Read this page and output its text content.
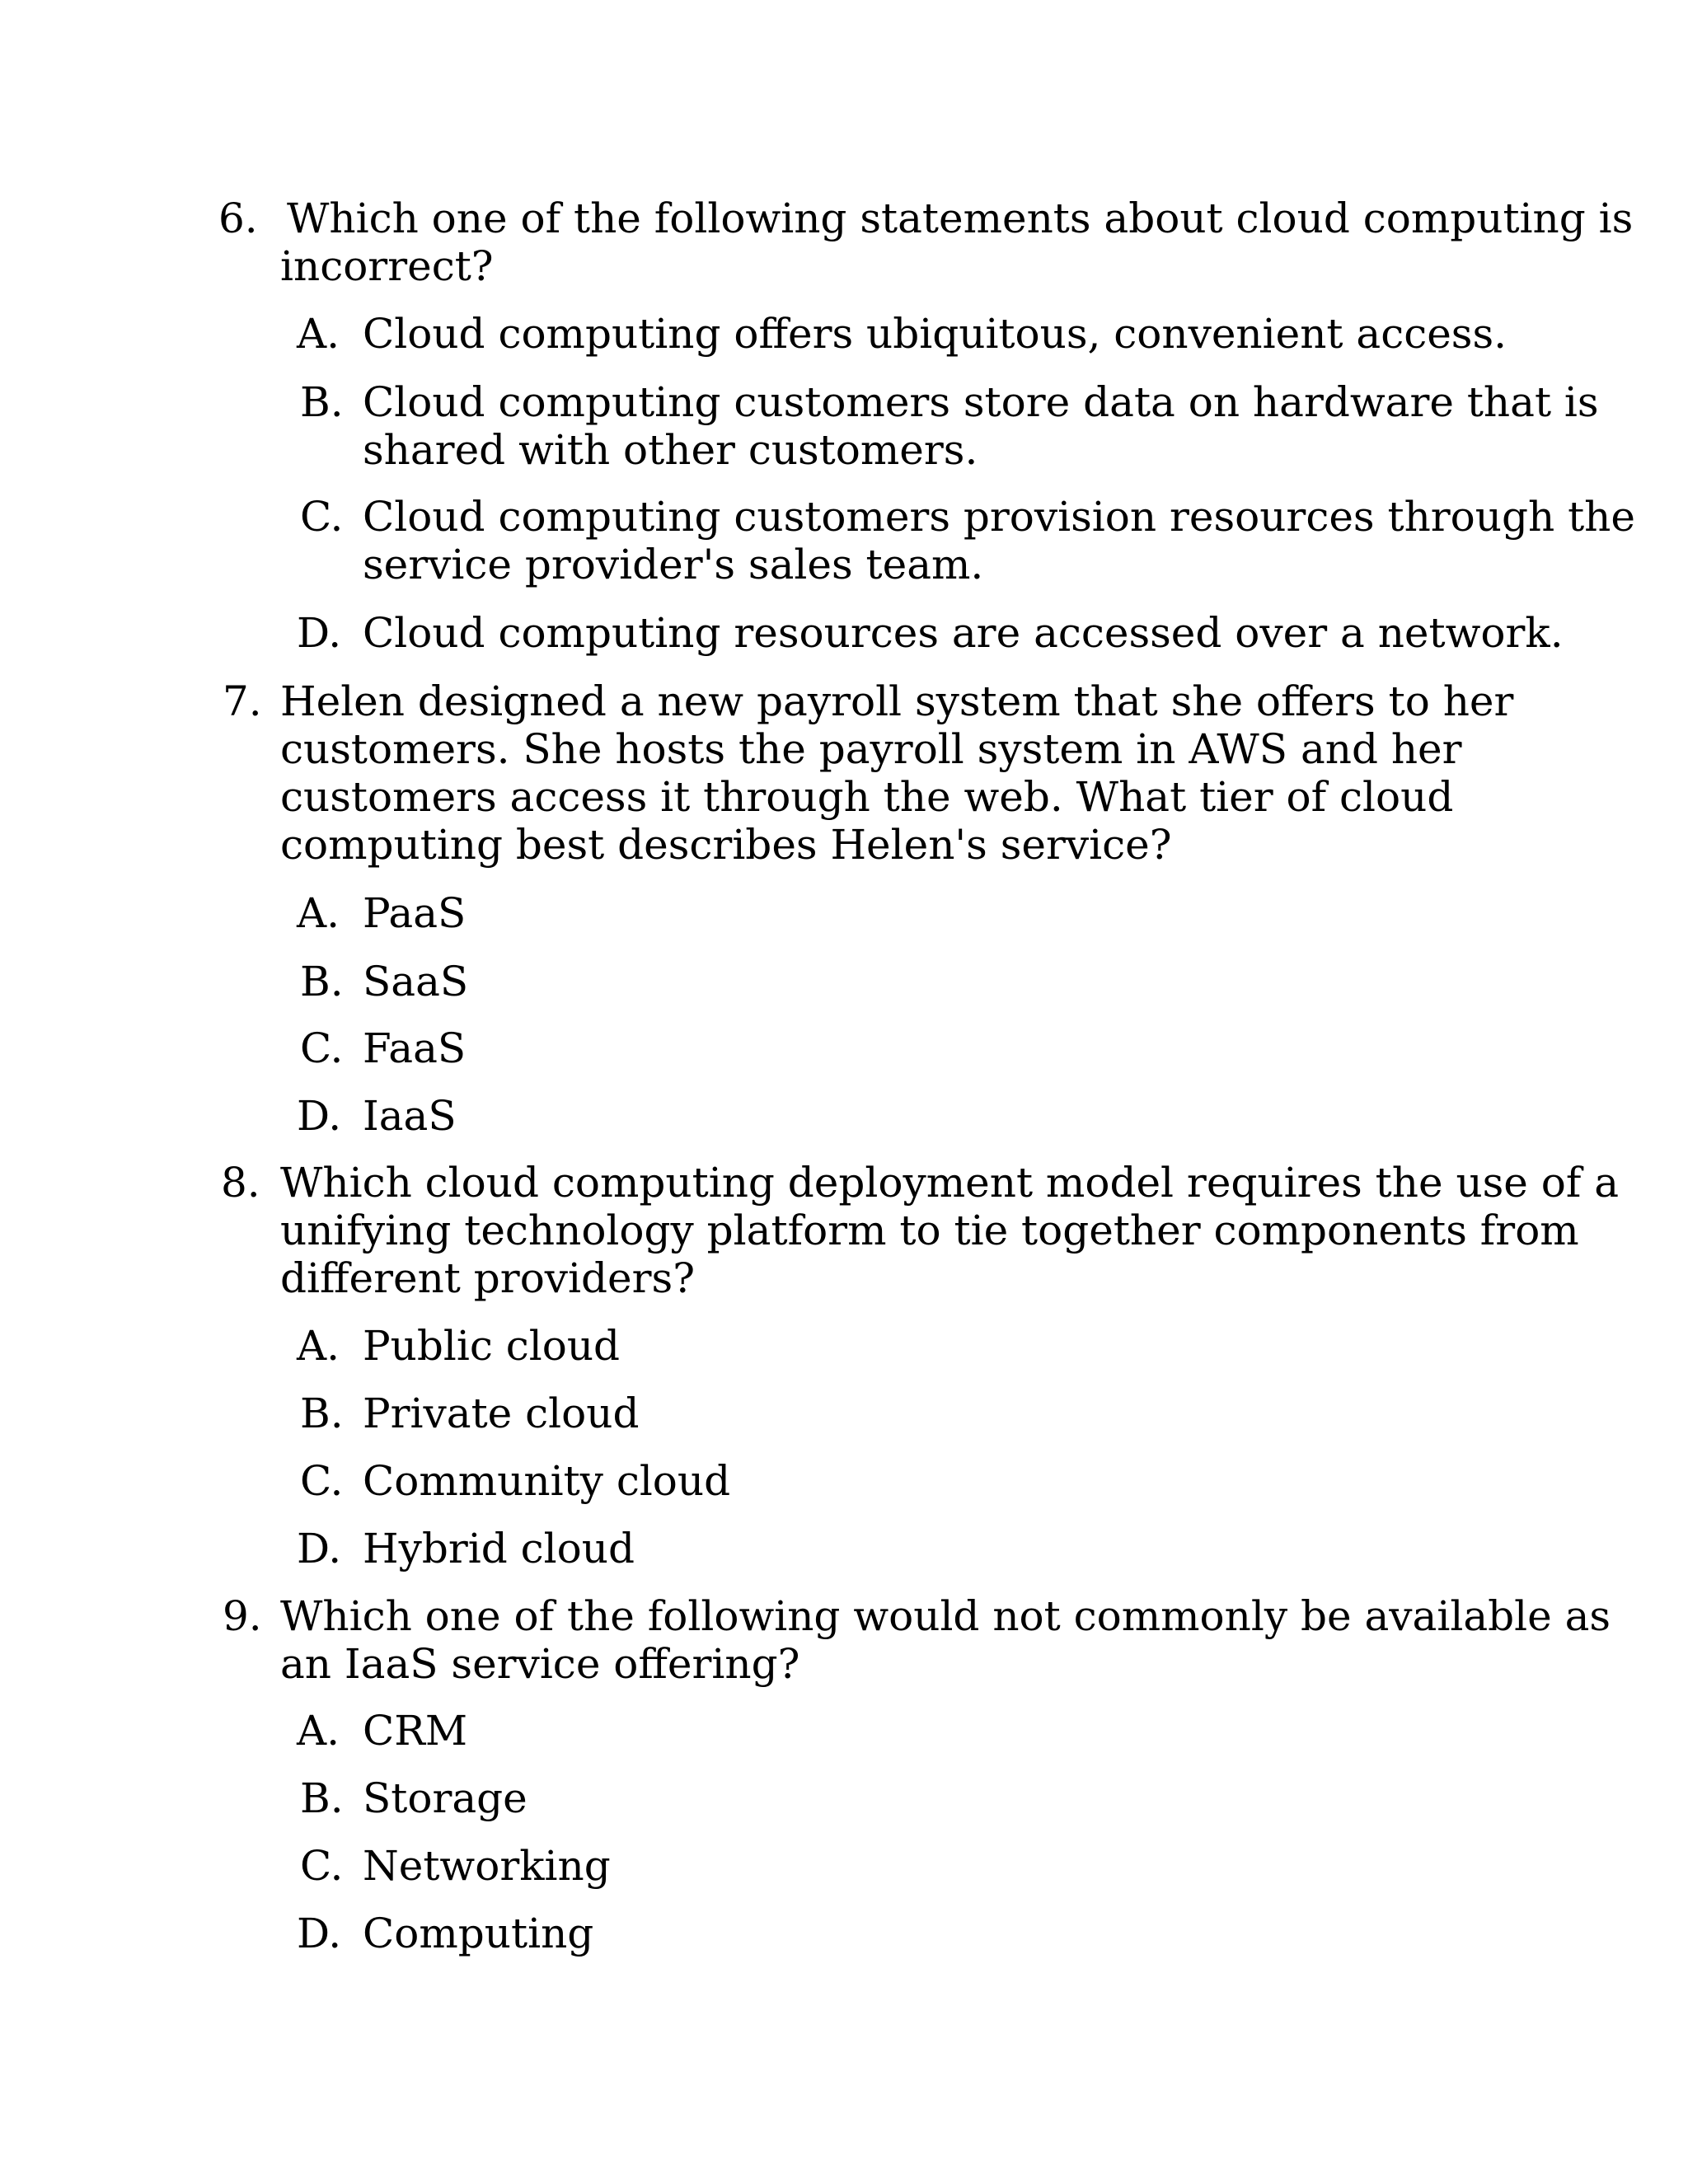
6. Which one of the following statements about cloud computing is
incorrect?
A. Cloud computing offers ubiquitous, convenient access.
B. Cloud computing customers store data on hardware that is
shared with other customers.
C. Cloud computing customers provision resources through the
service provider's sales team.
D. Cloud computing resources are accessed over a network.
7. Helen designed a new payroll system that she offers to her
customers. She hosts the payroll system in AWS and her
customers access it through the web. What tier of cloud
computing best describes Helen's service?
A. PaaS
B. SaaS
C. FaaS
D. IaaS
8. Which cloud computing deployment model requires the use of a
unifying technology platform to tie together components from
different providers?
A. Public cloud
B. Private cloud
C. Community cloud
D. Hybrid cloud
9. Which one of the following would not commonly be available as
an IaaS service offering?
A. CRM
B. Storage
C. Networking
D. Computing
